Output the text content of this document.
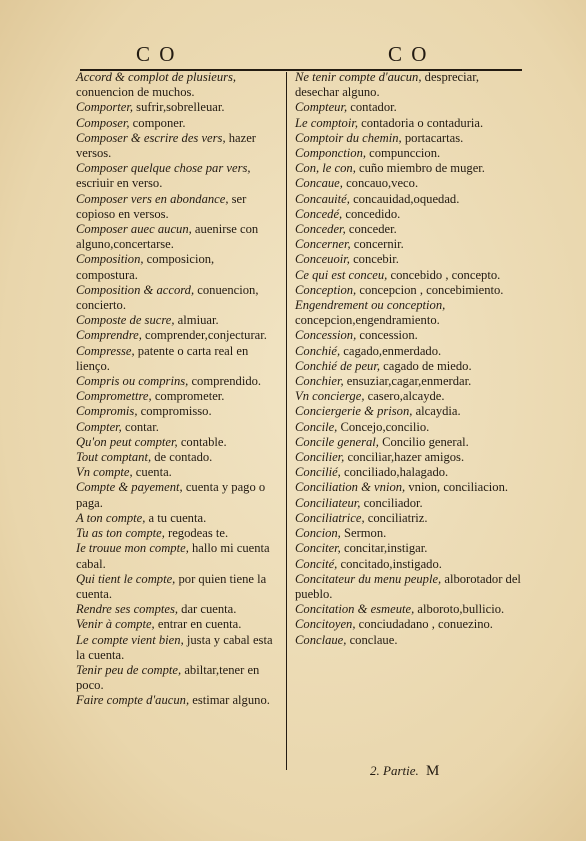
C O	C O

Accord & complot de plusieurs, conuencion de muchos.

Comporter, sufrir,sobrelleuar.

Composer, componer.

Composer & escrire des vers, hazer versos.

Composer quelque chose par vers, escriuir en verso.

Composer vers en abondance, ser copioso en versos.

Composer auec aucun, auenirse con alguno,concertarse.

Composition, composicion, compostura.

Composition & accord, conuencion, concierto.

Composte de sucre, almiuar.

Comprendre, comprender,conjecturar.

Compresse, patente o carta real en lienço.

Compris ou comprins, comprendido.

Compromettre, comprometer.

Compromis, compromisso.

Compter, contar.

Qu'on peut compter, contable.

Tout comptant, de contado.

Vn compte, cuenta.

Compte & payement, cuenta y pago o paga.

A ton compte, a tu cuenta.

Tu as ton compte, regodeas te.

Ie trouue mon compte, hallo mi cuenta cabal.

Qui tient le compte, por quien tiene la cuenta.

Rendre ses comptes, dar cuenta.

Venir à compte, entrar en cuenta.

Le compte vient bien, justa y cabal esta la cuenta.

Tenir peu de compte, abiltar,tener en poco.

Faire compte d'aucun, estimar alguno.

Ne tenir compte d'aucun, despreciar, desechar alguno.

Compteur, contador.

Le comptoir, contadoria o contaduria.

Comptoir du chemin, portacartas.

Componction, compunccion.

Con, le con, cuño miembro de muger.

Concaue, concauo,veco.

Concauité, concauidad,oquedad.

Concedé, concedido.

Conceder, conceder.

Concerner, concernir.

Conceuoir, concebir.

Ce qui est conceu, concebido , concepto.

Conception, concepcion , concebimiento.

Engendrement ou conception, concepcion,engendramiento.

Concession, concession.

Conchié, cagado,enmerdado.

Conchié de peur, cagado de miedo.

Conchier, ensuziar,cagar,enmerdar.

Vn concierge, casero,alcayde.

Conciergerie & prison, alcaydia.

Concile, Concejo,concilio.

Concile general, Concilio general.

Concilier, conciliar,hazer amigos.

Concilié, conciliado,halagado.

Conciliation & vnion, vnion, conciliacion.

Conciliateur, conciliador.

Conciliatrice, conciliatriz.

Concion, Sermon.

Conciter, concitar,instigar.

Concité, concitado,instigado.

Concitateur du menu peuple, alborotador del pueblo.

Concitation & esmeute, alboroto,bullicio.

Concitoyen, conciudadano , conuezino.

Conclaue, conclaue.

2. Partie. M
